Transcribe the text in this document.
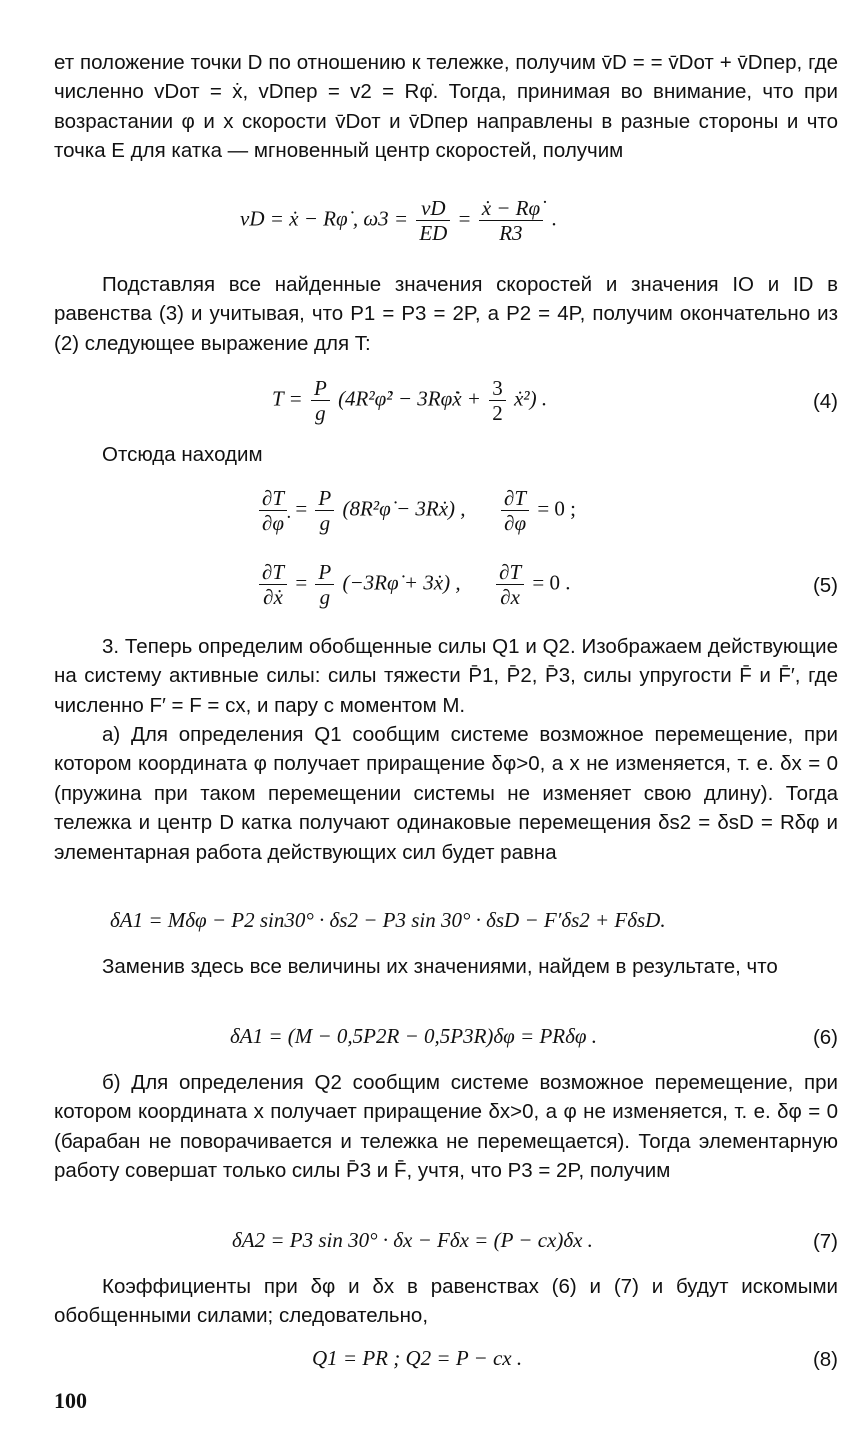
ет положение точки D по отношению к тележке, получим v̄D = = v̄Dот + v̄Dпер, где численно vDот = ẋ, vDпер = v2 = Rφ̇. Тогда, принимая во внимание, что при возрастании φ и x скорости v̄Dот и v̄Dпер направлены в разные стороны и что точка E для катка — мгновенный центр скоростей, получим
vD = ẋ − Rφ̇ , $\omega 3 = \frac{vD}{ED} = \frac{\text{ẋ − Rφ̇}}{R3}$ .
Подставляя все найденные значения скоростей и значения IO и ID в равенства (3) и учитывая, что P1 = P3 = 2P, а P2 = 4P, получим окончательно из (2) следующее выражение для T:
$T = \frac{P}{g}$ (4R²φ̇² − 3Rφ̇ẋ + $\frac{3}{2}$ ẋ²) .	(4)
Отсюда находим
$\frac{\partial T}{\partial\varphi̇} = \frac{P}{g}$ (8R²φ̇ − 3Rẋ) , $\frac{\partial T}{\partial\varphi} = 0$ ;
$\frac{\partial T}{\text{∂ẋ}} = \frac{P}{g}$ (−3Rφ̇ + 3ẋ) , $\frac{\partial T}{\partial x} = 0$ .	(5)
3. Теперь определим обобщенные силы Q1 и Q2. Изображаем действующие на систему активные силы: силы тяжести P̄1, P̄2, P̄3, силы упругости F̄ и F̄′, где численно F′ = F = cx, и пару с моментом M.
а) Для определения Q1 сообщим системе возможное перемещение, при котором координата φ получает приращение δφ>0, а x не изменяется, т. е. δx = 0 (пружина при таком перемещении системы не изменяет свою длину). Тогда тележка и центр D катка получают одинаковые перемещения δs2 = δsD = Rδφ и элементарная работа действующих сил будет равна
δA1 = Mδφ − P2 sin30° · δs2 − P3 sin 30° · δsD − F′δs2 + FδsD.
Заменив здесь все величины их значениями, найдем в результате, что
δA1 = (M − 0,5P2R − 0,5P3R)δφ = PRδφ .	(6)
б) Для определения Q2 сообщим системе возможное перемещение, при котором координата x получает приращение δx>0, а φ не изменяется, т. е. δφ = 0 (барабан не поворачивается и тележка не перемещается). Тогда элементарную работу совершат только силы P̄3 и F̄, учтя, что P3 = 2P, получим
δA2 = P3 sin 30° · δx − Fδx = (P − cx)δx .	(7)
Коэффициенты при δφ и δx в равенствах (6) и (7) и будут искомыми обобщенными силами; следовательно,
Q1 = PR ; Q2 = P − cx .	(8)
100
